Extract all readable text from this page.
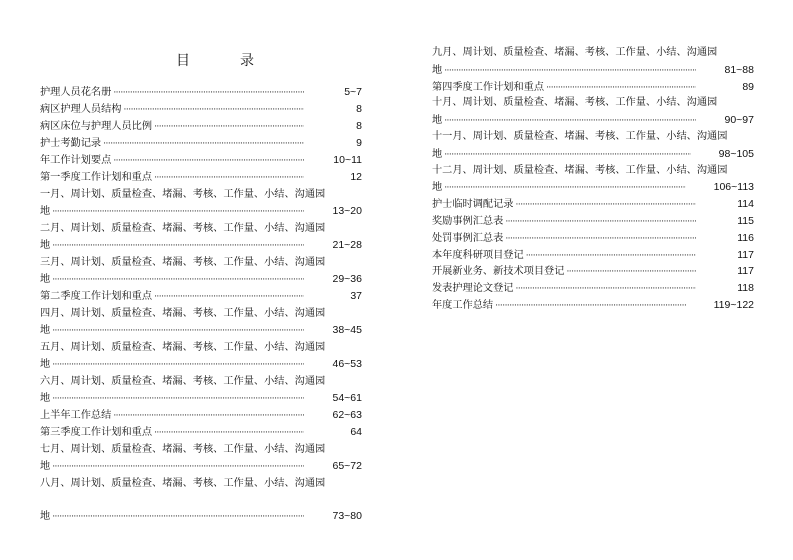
目　录
护理人员花名册 ·····	5~7
病区护理人员结构 ·····	8
病区床位与护理人员比例 ·····	8
护士考勤记录 ·····	9
年工作计划要点 ·····	10~11
第一季度工作计划和重点 ·····	12
一月、周计划、质量检查、堵漏、考核、工作量、小结、沟通园
地 ·····	13~20
二月、周计划、质量检查、堵漏、考核、工作量、小结、沟通园
地 ·····	21~28
三月、周计划、质量检查、堵漏、考核、工作量、小结、沟通园
地 ·····	29~36
第二季度工作计划和重点 ·····	37
四月、周计划、质量检查、堵漏、考核、工作量、小结、沟通园
地 ·····	38~45
五月、周计划、质量检查、堵漏、考核、工作量、小结、沟通园
地 ·····	46~53
六月、周计划、质量检查、堵漏、考核、工作量、小结、沟通园
地 ·····	54~61
上半年工作总结 ·····	62~63
第三季度工作计划和重点 ·····	64
七月、周计划、质量检查、堵漏、考核、工作量、小结、沟通园
地 ·····	65~72
八月、周计划、质量检查、堵漏、考核、工作量、小结、沟通园
地 ·····	73~80
九月、周计划、质量检查、堵漏、考核、工作量、小结、沟通园
地 ·····	81~88
第四季度工作计划和重点 ·····	89
十月、周计划、质量检查、堵漏、考核、工作量、小结、沟通园
地 ·····	90~97
十一月、周计划、质量检查、堵漏、考核、工作量、小结、沟通园
地 ·····	98~105
十二月、周计划、质量检查、堵漏、考核、工作量、小结、沟通园
地 ·····	106~113
护士临时调配记录 ·····	114
奖励事例汇总表 ·····	115
处罚事例汇总表 ·····	116
本年度科研项目登记 ·····	117
开展新业务、新技术项目登记 ·····	117
发表护理论文登记 ·····	118
年度工作总结 ·····	119~122
